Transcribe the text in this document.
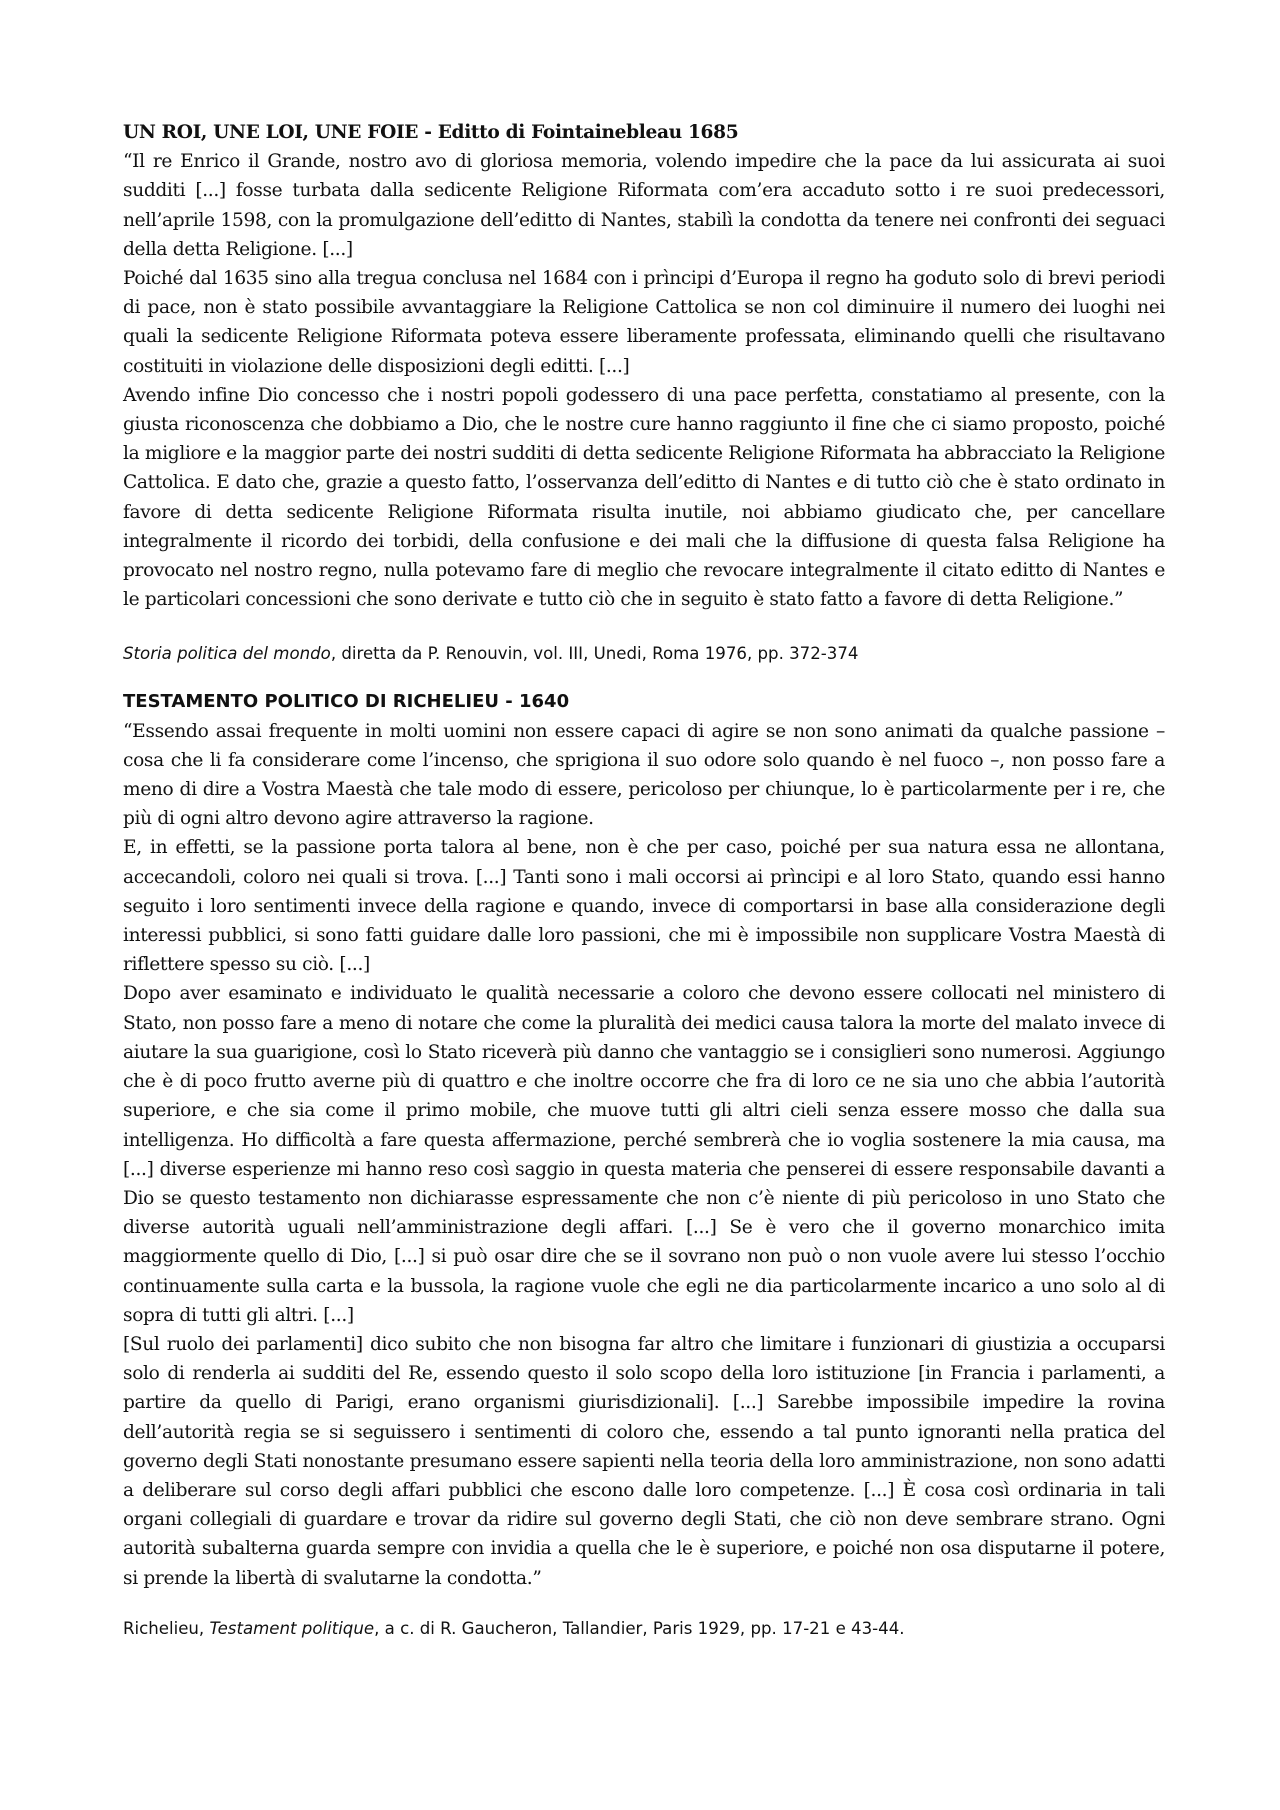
UN ROI, UNE LOI, UNE FOIE - Editto di Fointainebleau 1685

“Il re Enrico il Grande, nostro avo di gloriosa memoria, volendo impedire che la pace da lui assicurata ai suoi sudditi [...] fosse turbata dalla sedicente Religione Riformata com’era accaduto sotto i re suoi predecessori, nell’aprile 1598, con la promulgazione dell’editto di Nantes, stabilì la condotta da tenere nei confronti dei seguaci della detta Religione. [...]

Poiché dal 1635 sino alla tregua conclusa nel 1684 con i prìncipi d’Europa il regno ha goduto solo di brevi periodi di pace, non è stato possibile avvantaggiare la Religione Cattolica se non col diminuire il numero dei luoghi nei quali la sedicente Religione Riformata poteva essere liberamente professata, eliminando quelli che risultavano costituiti in violazione delle disposizioni degli editti. [...]

Avendo infine Dio concesso che i nostri popoli godessero di una pace perfetta, constatiamo al presente, con la giusta riconoscenza che dobbiamo a Dio, che le nostre cure hanno raggiunto il fine che ci siamo proposto, poiché la migliore e la maggior parte dei nostri sudditi di detta sedicente Religione Riformata ha abbracciato la Religione Cattolica. E dato che, grazie a questo fatto, l’osservanza dell’editto di Nantes e di tutto ciò che è stato ordinato in favore di detta sedicente Religione Riformata risulta inutile, noi abbiamo giudicato che, per cancellare integralmente il ricordo dei torbidi, della confusione e dei mali che la diffusione di questa falsa Religione ha provocato nel nostro regno, nulla potevamo fare di meglio che revocare integralmente il citato editto di Nantes e le particolari concessioni che sono derivate e tutto ciò che in seguito è stato fatto a favore di detta Religione.”

Storia politica del mondo, diretta da P. Renouvin, vol. III, Unedi, Roma 1976, pp. 372-374

TESTAMENTO POLITICO DI RICHELIEU - 1640

“Essendo assai frequente in molti uomini non essere capaci di agire se non sono animati da qualche passione – cosa che li fa considerare come l’incenso, che sprigiona il suo odore solo quando è nel fuoco –, non posso fare a meno di dire a Vostra Maestà che tale modo di essere, pericoloso per chiunque, lo è particolarmente per i re, che più di ogni altro devono agire attraverso la ragione.

E, in effetti, se la passione porta talora al bene, non è che per caso, poiché per sua natura essa ne allontana, accecandoli, coloro nei quali si trova. [...] Tanti sono i mali occorsi ai prìncipi e al loro Stato, quando essi hanno seguito i loro sentimenti invece della ragione e quando, invece di comportarsi in base alla considerazione degli interessi pubblici, si sono fatti guidare dalle loro passioni, che mi è impossibile non supplicare Vostra Maestà di riflettere spesso su ciò. [...]

Dopo aver esaminato e individuato le qualità necessarie a coloro che devono essere collocati nel ministero di Stato, non posso fare a meno di notare che come la pluralità dei medici causa talora la morte del malato invece di aiutare la sua guarigione, così lo Stato riceverà più danno che vantaggio se i consiglieri sono numerosi. Aggiungo che è di poco frutto averne più di quattro e che inoltre occorre che fra di loro ce ne sia uno che abbia l’autorità superiore, e che sia come il primo mobile, che muove tutti gli altri cieli senza essere mosso che dalla sua intelligenza. Ho difficoltà a fare questa affermazione, perché sembrerà che io voglia sostenere la mia causa, ma [...] diverse esperienze mi hanno reso così saggio in questa materia che penserei di essere responsabile davanti a Dio se questo testamento non dichiarasse espressamente che non c’è niente di più pericoloso in uno Stato che diverse autorità uguali nell’amministrazione degli affari. [...] Se è vero che il governo monarchico imita maggiormente quello di Dio, [...] si può osar dire che se il sovrano non può o non vuole avere lui stesso l’occhio continuamente sulla carta e la bussola, la ragione vuole che egli ne dia particolarmente incarico a uno solo al di sopra di tutti gli altri. [...]

[Sul ruolo dei parlamenti] dico subito che non bisogna far altro che limitare i funzionari di giustizia a occuparsi solo di renderla ai sudditi del Re, essendo questo il solo scopo della loro istituzione [in Francia i parlamenti, a partire da quello di Parigi, erano organismi giurisdizionali]. [...] Sarebbe impossibile impedire la rovina dell’autorità regia se si seguissero i sentimenti di coloro che, essendo a tal punto ignoranti nella pratica del governo degli Stati nonostante presumano essere sapienti nella teoria della loro amministrazione, non sono adatti a deliberare sul corso degli affari pubblici che escono dalle loro competenze. [...] È cosa così ordinaria in tali organi collegiali di guardare e trovar da ridire sul governo degli Stati, che ciò non deve sembrare strano. Ogni autorità subalterna guarda sempre con invidia a quella che le è superiore, e poiché non osa disputarne il potere, si prende la libertà di svalutarne la condotta.”

Richelieu, Testament politique, a c. di R. Gaucheron, Tallandier, Paris 1929, pp. 17-21 e 43-44.
